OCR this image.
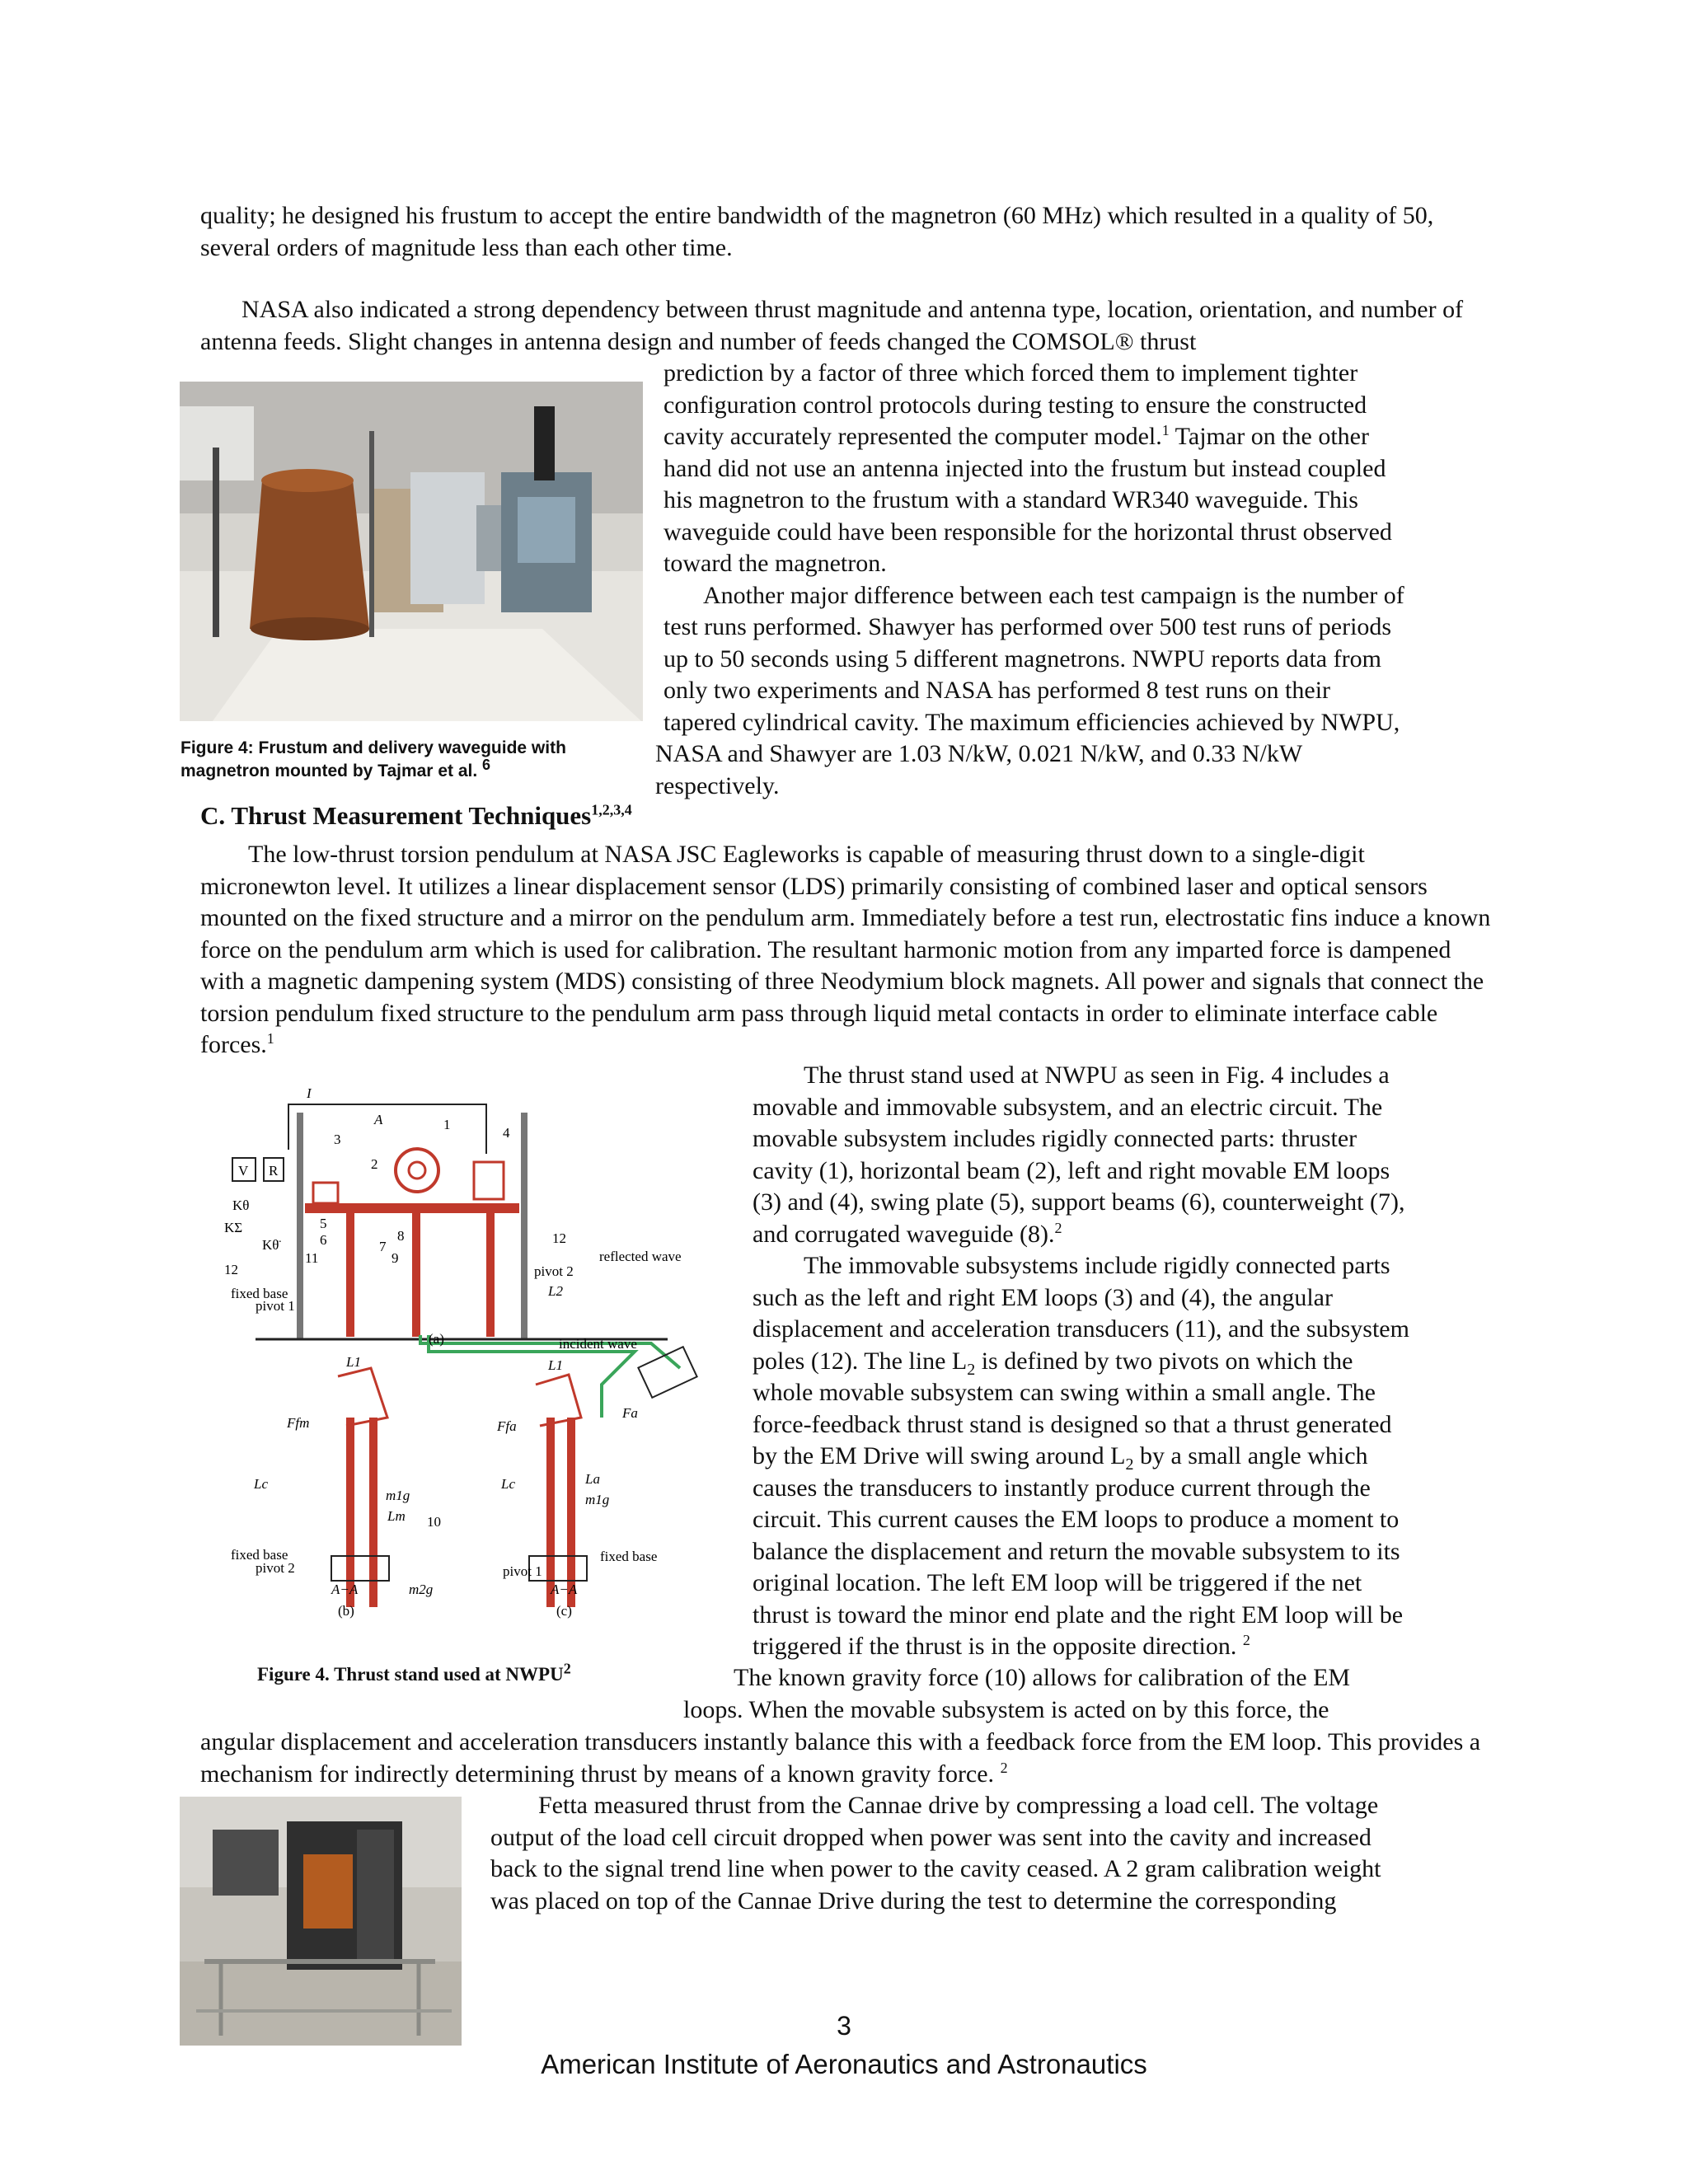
quality; he designed his frustum to accept the entire bandwidth of the magnetron (60 MHz) which resulted in a quality of 50, several orders of magnitude less than each other time.

NASA also indicated a strong dependency between thrust magnitude and antenna type, location, orientation, and number of antenna feeds. Slight changes in antenna design and number of feeds changed the COMSOL® thrust

Figure 4: Frustum and delivery waveguide with
magnetron mounted by Tajmar et al. $^6$

prediction by a factor of three which forced them to implement tighter

configuration control protocols during testing to ensure the constructed

cavity accurately represented the computer model.$^1$ Tajmar on the other

hand did not use an antenna injected into the frustum but instead coupled

his magnetron to the frustum with a standard WR340 waveguide. This

waveguide could have been responsible for the horizontal thrust observed

toward the magnetron.

Another major difference between each test campaign is the number of

test runs performed. Shawyer has performed over 500 test runs of periods

up to 50 seconds using 5 different magnetrons. NWPU reports data from

only two experiments and NASA has performed 8 test runs on their

tapered cylindrical cavity. The maximum efficiencies achieved by NWPU,

NASA and Shawyer are 1.03 N/kW, 0.021 N/kW, and 0.33 N/kW

respectively.

C. Thrust Measurement Techniques$^{1,2,3,4}$

The low-thrust torsion pendulum at NASA JSC Eagleworks is capable of measuring thrust down to a single-digit micronewton level. It utilizes a linear displacement sensor (LDS) primarily consisting of combined laser and optical sensors mounted on the fixed structure and a mirror on the pendulum arm. Immediately before a test run, electrostatic fins induce a known force on the pendulum arm which is used for calibration. The resultant harmonic motion from any imparted force is dampened with a magnetic dampening system (MDS) consisting of three Neodymium block magnets. All power and signals that connect the torsion pendulum fixed structure to the pendulum arm pass through liquid metal contacts in order to eliminate interface cable forces.$^1$

V R
I
A	1
2
3	4
5
6	7
8
9
11
12
12
Kθ
KΣ
Kθ̈
fixed base
pivot 1
pivot 2
reflected wave
incident wave
L2
(a)
L1
Ffm
Lc
m1g
Lm 10
fixed base
pivot 2
A−A	m2g
(b)
L1
Ffa
Fa
Lc	La
m1g
fixed base
pivot 1
A−A
(c)
Figure 4. Thrust stand used at NWPU$^2$

The thrust stand used at NWPU as seen in Fig. 4 includes a

movable and immovable subsystem, and an electric circuit. The

movable subsystem includes rigidly connected parts: thruster

cavity (1), horizontal beam (2), left and right movable EM loops

(3) and (4), swing plate (5), support beams (6), counterweight (7),

and corrugated waveguide (8).$^2$

The immovable subsystems include rigidly connected parts

such as the left and right EM loops (3) and (4), the angular

displacement and acceleration transducers (11), and the subsystem

poles (12). The line $L_2$ is defined by two pivots on which the

whole movable subsystem can swing within a small angle. The

force-feedback thrust stand is designed so that a thrust generated

by the EM Drive will swing around $L_2$ by a small angle which

causes the transducers to instantly produce current through the

circuit. This current causes the EM loops to produce a moment to

balance the displacement and return the movable subsystem to its

original location. The left EM loop will be triggered if the net

thrust is toward the minor end plate and the right EM loop will be

triggered if the thrust is in the opposite direction. $^2$

The known gravity force (10) allows for calibration of the EM

loops. When the movable subsystem is acted on by this force, the

angular displacement and acceleration transducers instantly balance this with a feedback force from the EM loop. This provides a mechanism for indirectly determining thrust by means of a known gravity force. $^2$

Fetta measured thrust from the Cannae drive by compressing a load cell. The voltage

output of the load cell circuit dropped when power was sent into the cavity and increased

back to the signal trend line when power to the cavity ceased. A 2 gram calibration weight

was placed on top of the Cannae Drive during the test to determine the corresponding

3
American Institute of Aeronautics and Astronautics
